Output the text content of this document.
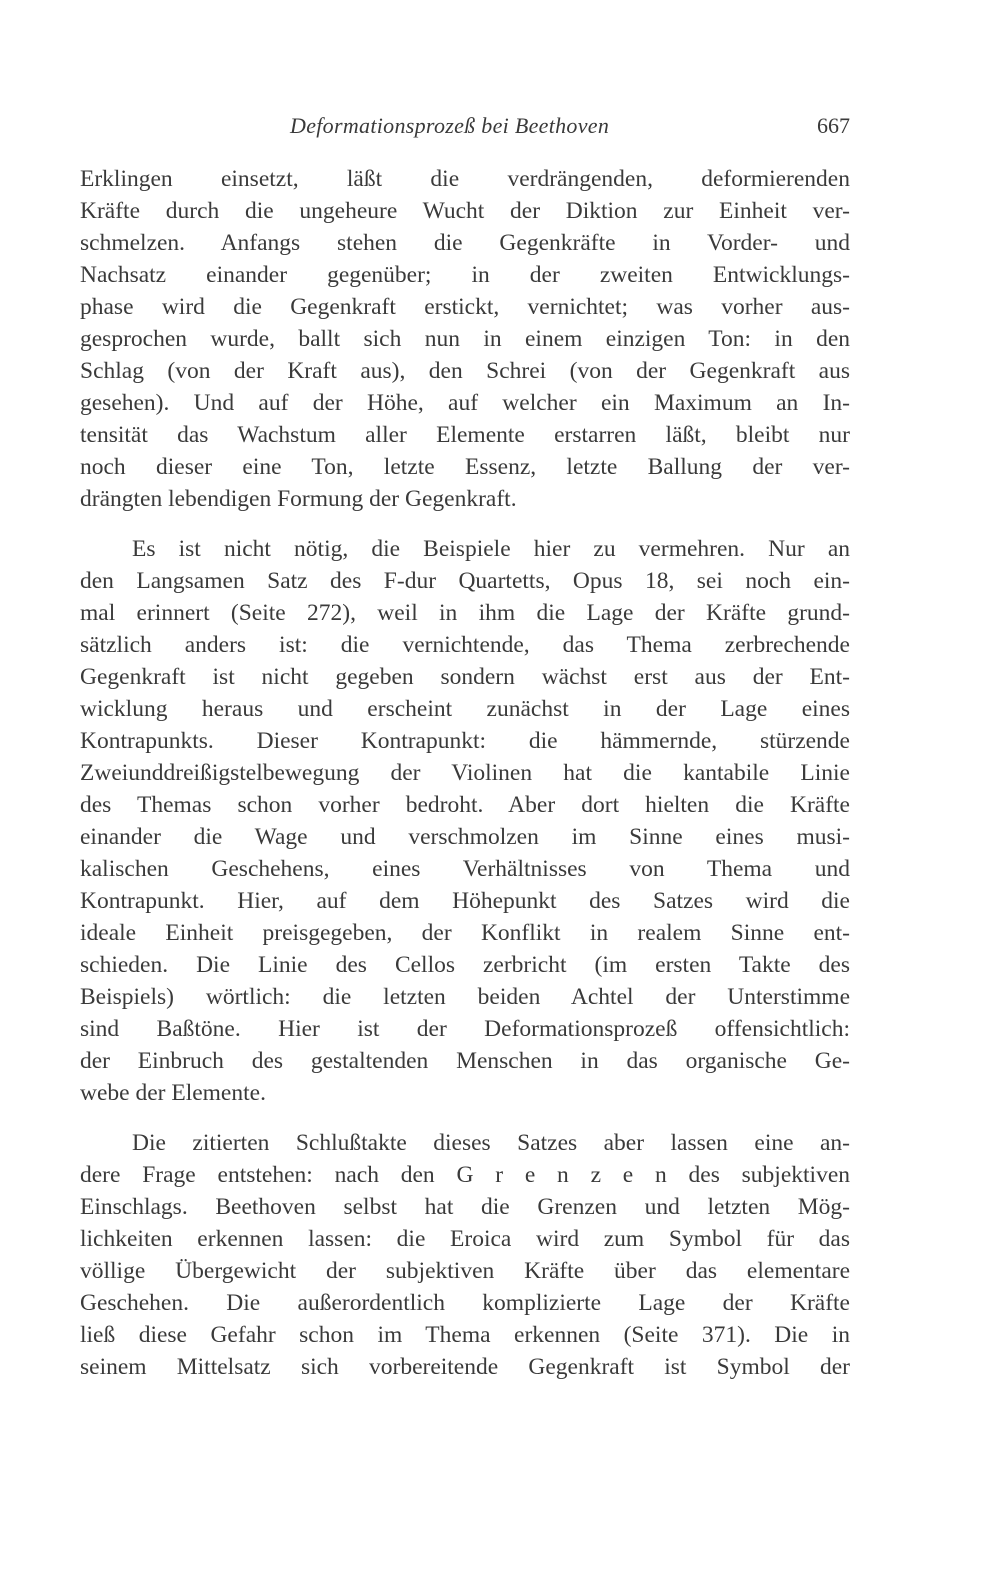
Deformationsprozeß bei Beethoven	667

Erklingen einsetzt, läßt die verdrängenden, deformierenden
Kräfte durch die ungeheure Wucht der Diktion zur Einheit ver-
schmelzen. Anfangs stehen die Gegenkräfte in Vorder- und
Nachsatz einander gegenüber; in der zweiten Entwicklungs-
phase wird die Gegenkraft erstickt, vernichtet; was vorher aus-
gesprochen wurde, ballt sich nun in einem einzigen Ton: in den
Schlag (von der Kraft aus), den Schrei (von der Gegenkraft aus
gesehen). Und auf der Höhe, auf welcher ein Maximum an In-
tensität das Wachstum aller Elemente erstarren läßt, bleibt nur
noch dieser eine Ton, letzte Essenz, letzte Ballung der ver-
drängten lebendigen Formung der Gegenkraft.

Es ist nicht nötig, die Beispiele hier zu vermehren. Nur an
den Langsamen Satz des F-dur Quartetts, Opus 18, sei noch ein-
mal erinnert (Seite 272), weil in ihm die Lage der Kräfte grund-
sätzlich anders ist: die vernichtende, das Thema zerbrechende
Gegenkraft ist nicht gegeben sondern wächst erst aus der Ent-
wicklung heraus und erscheint zunächst in der Lage eines
Kontrapunkts. Dieser Kontrapunkt: die hämmernde, stürzende
Zweiunddreißigstelbewegung der Violinen hat die kantabile Linie
des Themas schon vorher bedroht. Aber dort hielten die Kräfte
einander die Wage und verschmolzen im Sinne eines musi-
kalischen Geschehens, eines Verhältnisses von Thema und
Kontrapunkt. Hier, auf dem Höhepunkt des Satzes wird die
ideale Einheit preisgegeben, der Konflikt in realem Sinne ent-
schieden. Die Linie des Cellos zerbricht (im ersten Takte des
Beispiels) wörtlich: die letzten beiden Achtel der Unterstimme
sind Baßtöne. Hier ist der Deformationsprozeß offensichtlich:
der Einbruch des gestaltenden Menschen in das organische Ge-
webe der Elemente.

Die zitierten Schlußtakte dieses Satzes aber lassen eine an-
dere Frage entstehen: nach den G r e n z e n des subjektiven
Einschlags. Beethoven selbst hat die Grenzen und letzten Mög-
lichkeiten erkennen lassen: die Eroica wird zum Symbol für das
völlige Übergewicht der subjektiven Kräfte über das elementare
Geschehen. Die außerordentlich komplizierte Lage der Kräfte
ließ diese Gefahr schon im Thema erkennen (Seite 371). Die in
seinem Mittelsatz sich vorbereitende Gegenkraft ist Symbol der
